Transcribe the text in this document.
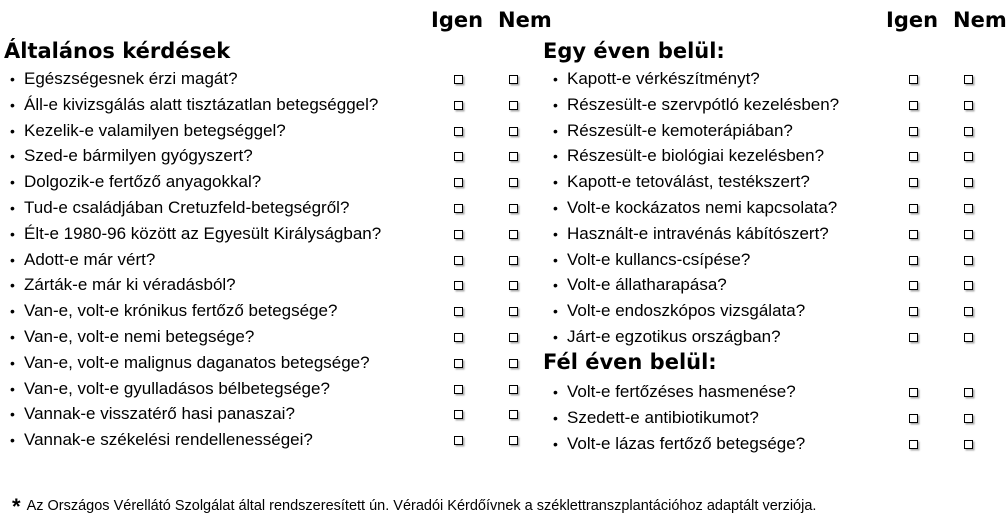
Igen Nem	Igen Nem
Általános kérdések	Egy éven belül:
Fél éven belül:
• Egészségesnek érzi magát?
• Áll-e kivizsgálás alatt tisztázatlan betegséggel?
• Kezelik-e valamilyen betegséggel?
• Szed-e bármilyen gyógyszert?
• Dolgozik-e fertőző anyagokkal?
• Tud-e családjában Cretuzfeld-betegségről?
• Élt-e 1980-96 között az Egyesült Királyságban?
• Adott-e már vért?
• Zárták-e már ki véradásból?
• Van-e, volt-e krónikus fertőző betegsége?
• Van-e, volt-e nemi betegsége?
• Van-e, volt-e malignus daganatos betegsége?
• Van-e, volt-e gyulladásos bélbetegsége?
• Vannak-e visszatérő hasi panaszai?
• Vannak-e székelési rendellenességei?
• Kapott-e vérkészítményt?
• Részesült-e szervpótló kezelésben?
• Részesült-e kemoterápiában?
• Részesült-e biológiai kezelésben?
• Kapott-e tetoválást, testékszert?
• Volt-e kockázatos nemi kapcsolata?
• Használt-e intravénás kábítószert?
• Volt-e kullancs-csípése?
• Volt-e állatharapása?
• Volt-e endoszkópos vizsgálata?
• Járt-e egzotikus országban?
• Volt-e fertőzéses hasmenése?
• Szedett-e antibiotikumot?
• Volt-e lázas fertőző betegsége?
* Az Országos Vérellátó Szolgálat által rendszeresített ún. Véradói Kérdőívnek a széklettranszplantációhoz adaptált verziója.
